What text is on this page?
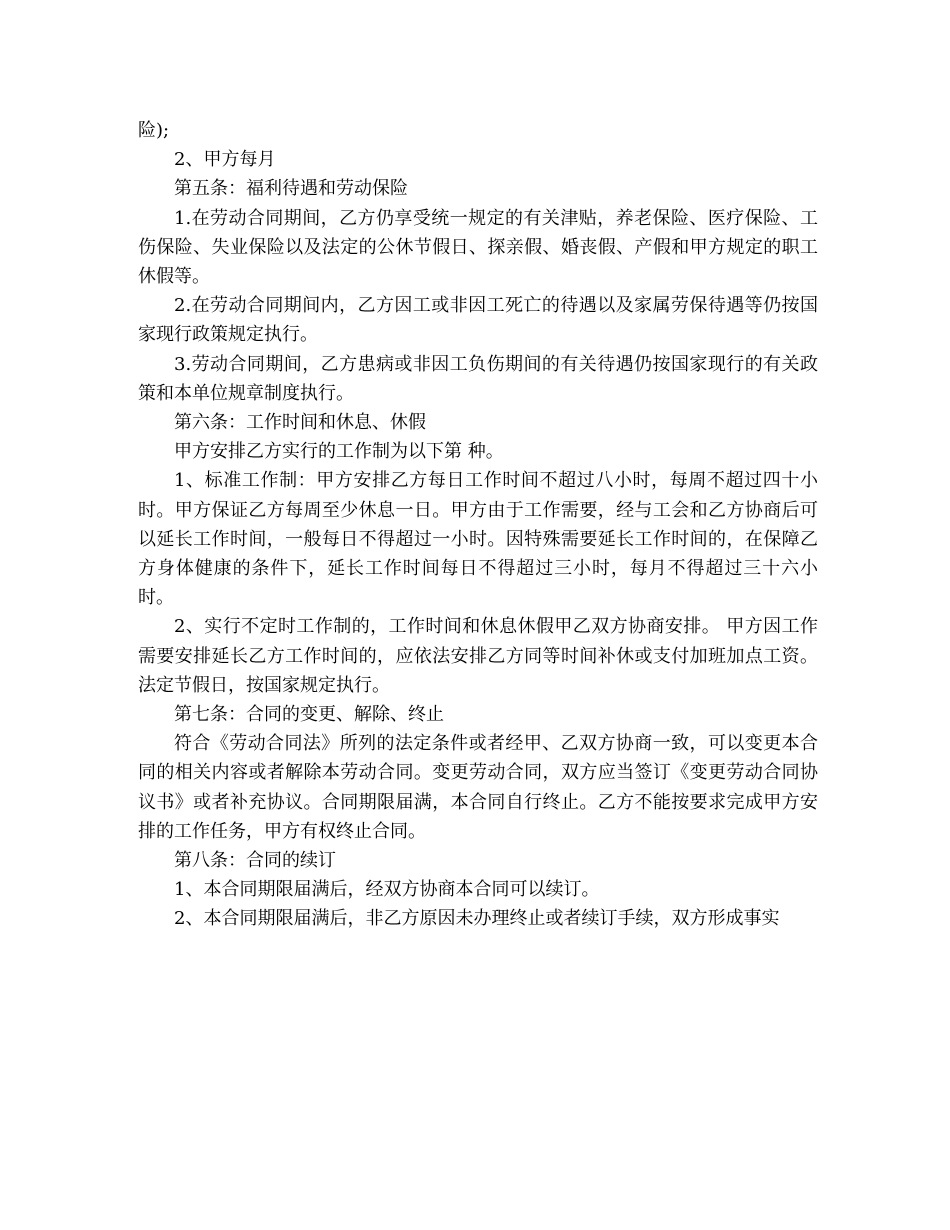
险);

2、甲方每月

第五条：福利待遇和劳动保险

1.在劳动合同期间，乙方仍享受统一规定的有关津贴，养老保险、医疗保险、工伤保险、失业保险以及法定的公休节假日、探亲假、婚丧假、产假和甲方规定的职工休假等。

2.在劳动合同期间内，乙方因工或非因工死亡的待遇以及家属劳保待遇等仍按国家现行政策规定执行。

3.劳动合同期间，乙方患病或非因工负伤期间的有关待遇仍按国家现行的有关政策和本单位规章制度执行。

第六条：工作时间和休息、休假

甲方安排乙方实行的工作制为以下第 种。

1、标准工作制：甲方安排乙方每日工作时间不超过八小时，每周不超过四十小时。甲方保证乙方每周至少休息一日。甲方由于工作需要，经与工会和乙方协商后可以延长工作时间，一般每日不得超过一小时。因特殊需要延长工作时间的，在保障乙方身体健康的条件下，延长工作时间每日不得超过三小时，每月不得超过三十六小时。

2、实行不定时工作制的，工作时间和休息休假甲乙双方协商安排。 甲方因工作需要安排延长乙方工作时间的，应依法安排乙方同等时间补休或支付加班加点工资。法定节假日，按国家规定执行。

第七条：合同的变更、解除、终止

符合《劳动合同法》所列的法定条件或者经甲、乙双方协商一致，可以变更本合同的相关内容或者解除本劳动合同。变更劳动合同，双方应当签订《变更劳动合同协议书》或者补充协议。合同期限届满，本合同自行终止。乙方不能按要求完成甲方安排的工作任务，甲方有权终止合同。

第八条：合同的续订

1、本合同期限届满后，经双方协商本合同可以续订。

2、本合同期限届满后，非乙方原因未办理终止或者续订手续，双方形成事实
